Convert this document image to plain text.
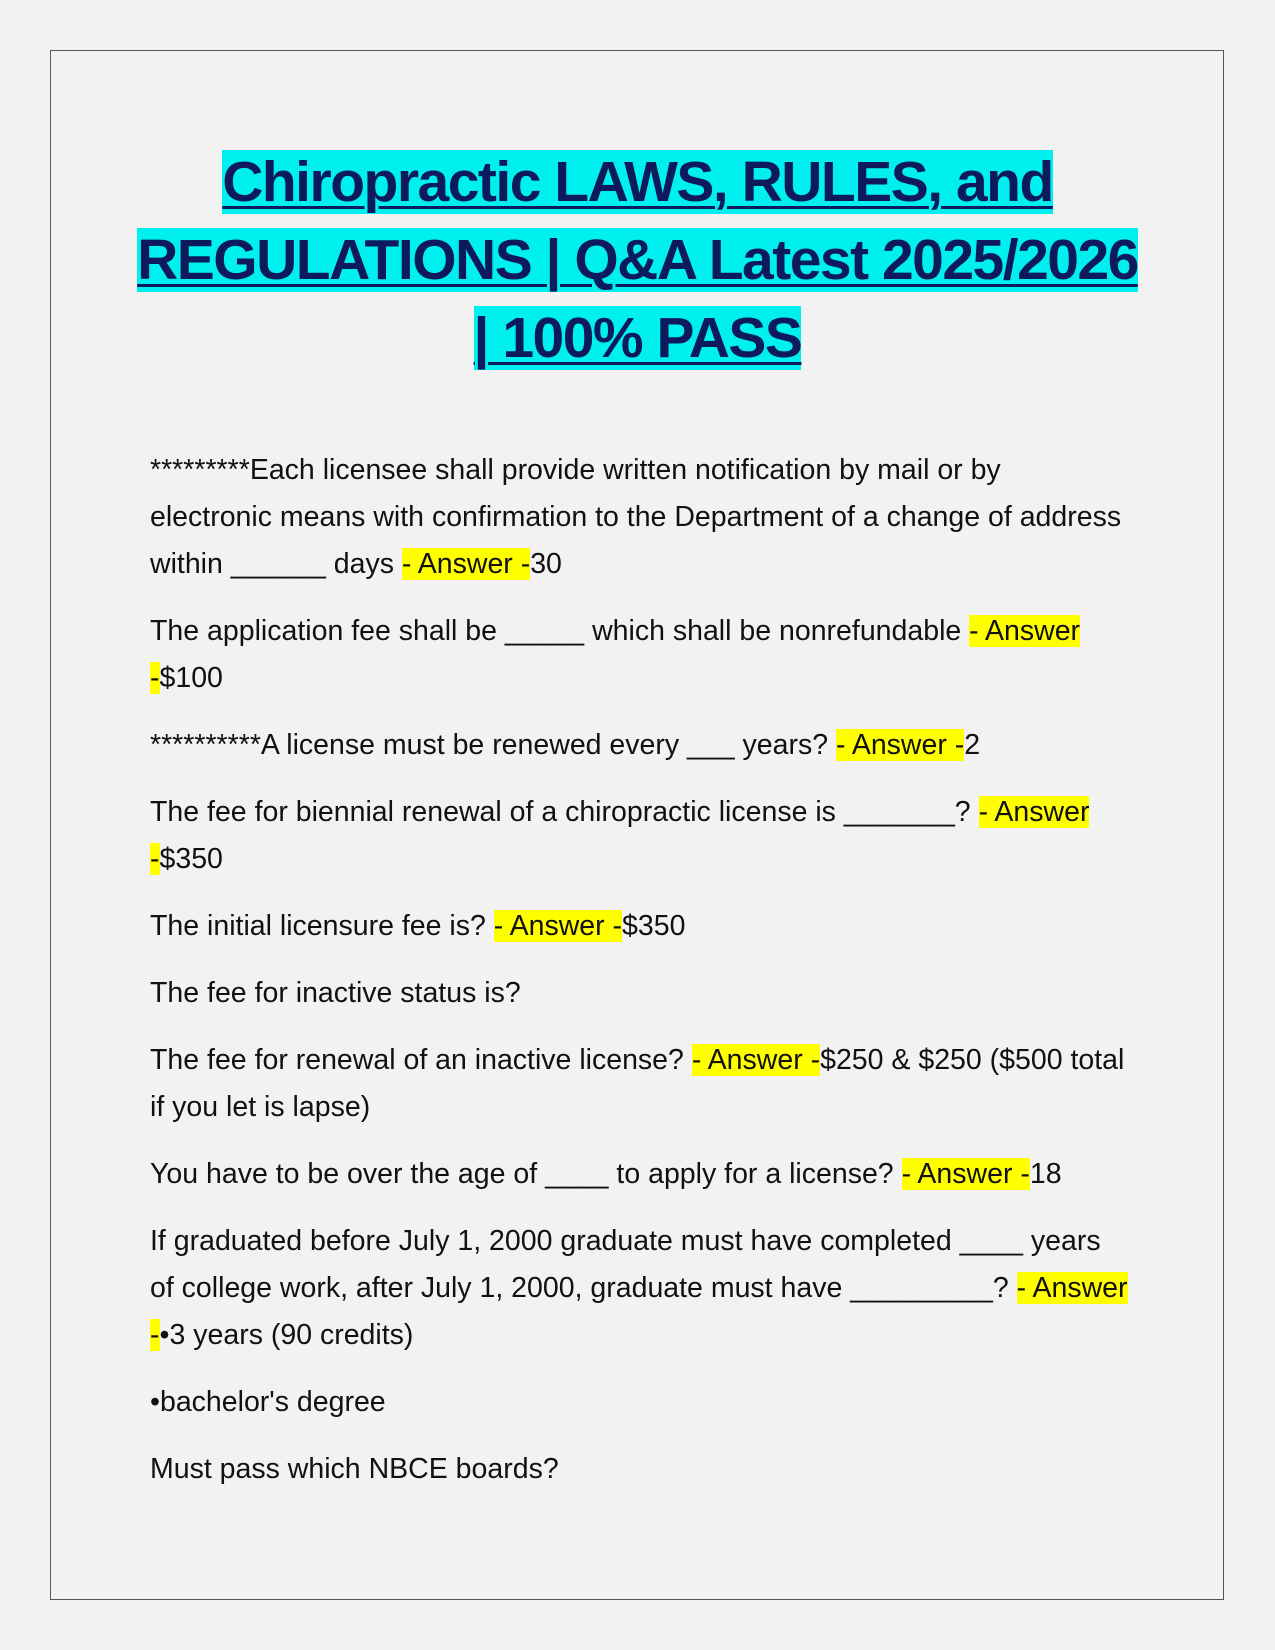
Chiropractic LAWS, RULES, and REGULATIONS | Q&A Latest 2025/2026 | 100% PASS

*********Each licensee shall provide written notification by mail or by electronic means with confirmation to the Department of a change of address within ______ days - Answer -30

The application fee shall be _____ which shall be nonrefundable - Answer -$100

**********A license must be renewed every ___ years? - Answer -2

The fee for biennial renewal of a chiropractic license is _______? - Answer -$350

The initial licensure fee is? - Answer -$350

The fee for inactive status is?

The fee for renewal of an inactive license? - Answer -$250 & $250 ($500 total if you let is lapse)

You have to be over the age of ____ to apply for a license? - Answer -18

If graduated before July 1, 2000 graduate must have completed ____ years of college work, after July 1, 2000, graduate must have _________? - Answer -•3 years (90 credits)

•bachelor's degree

Must pass which NBCE boards?
